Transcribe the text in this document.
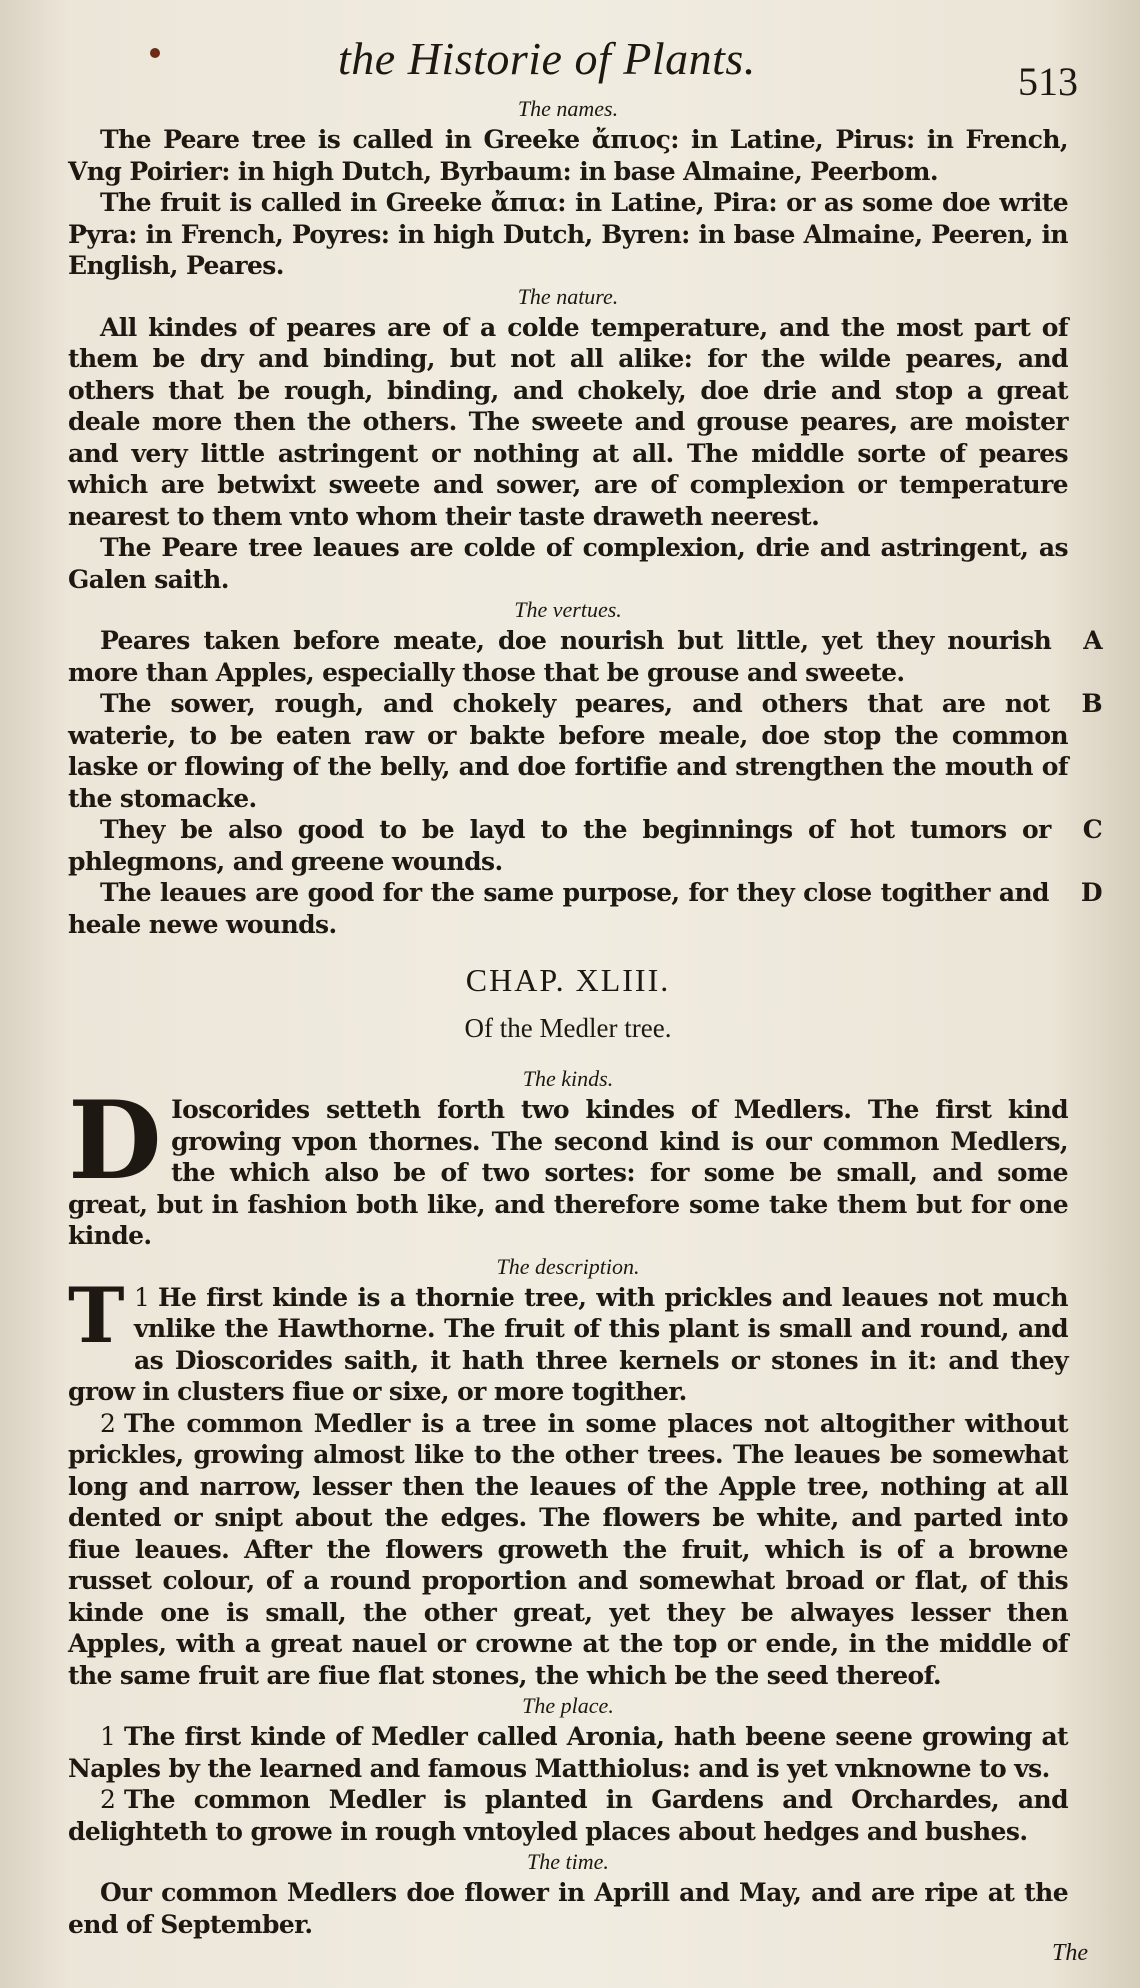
the Historie of Plants.	513

The names.

The Peare tree is called in Greeke ἄπιος: in Latine, Pirus: in French, Vng Poirier: in high Dutch, Byrbaum: in base Almaine, Peerbom.

The fruit is called in Greeke ἄπια: in Latine, Pira: or as some doe write Pyra: in French, Poyres: in high Dutch, Byren: in base Almaine, Peeren, in English, Peares.

The nature.

All kindes of peares are of a colde temperature, and the most part of them be dry and binding, but not all alike: for the wilde peares, and others that be rough, binding, and chokely, doe drie and stop a great deale more then the others. The sweete and grouse peares, are moister and very little astringent or nothing at all. The middle sorte of peares which are betwixt sweete and sower, are of complexion or temperature nearest to them vnto whom their taste draweth neerest.

The Peare tree leaues are colde of complexion, drie and astringent, as Galen saith.

The vertues.

A
Peares taken before meate, doe nourish but little, yet they nourish more than Apples, especially those that be grouse and sweete.

B
The sower, rough, and chokely peares, and others that are not waterie, to be eaten raw or bakte before meale, doe stop the common laske or flowing of the belly, and doe fortifie and strengthen the mouth of the stomacke.

C
They be also good to be layd to the beginnings of hot tumors or phlegmons, and greene wounds.

D
The leaues are good for the same purpose, for they close togither and heale newe wounds.

CHAP. XLIII.
Of the Medler tree.

The kinds.

D Ioscorides setteth forth two kindes of Medlers. The first kind growing vpon thornes. The second kind is our common Medlers, the which also be of two sortes: for some be small, and some great, but in fashion both like, and therefore some take them but for one kinde.

The description.

1
T He first kinde is a thornie tree, with prickles and leaues not much vnlike the Hawthorne. The fruit of this plant is small and round, and as Dioscorides saith, it hath three kernels or stones in it: and they grow in clusters fiue or sixe, or more togither.

2 The common Medler is a tree in some places not altogither without prickles, growing almost like to the other trees. The leaues be somewhat long and narrow, lesser then the leaues of the Apple tree, nothing at all dented or snipt about the edges. The flowers be white, and parted into fiue leaues. After the flowers groweth the fruit, which is of a browne russet colour, of a round proportion and somewhat broad or flat, of this kinde one is small, the other great, yet they be alwayes lesser then Apples, with a great nauel or crowne at the top or ende, in the middle of the same fruit are fiue flat stones, the which be the seed thereof.

The place.

1 The first kinde of Medler called Aronia, hath beene seene growing at Naples by the learned and famous Matthiolus: and is yet vnknowne to vs.

2 The common Medler is planted in Gardens and Orchardes, and delighteth to growe in rough vntoyled places about hedges and bushes.

The time.

Our common Medlers doe flower in Aprill and May, and are ripe at the end of September.

The
